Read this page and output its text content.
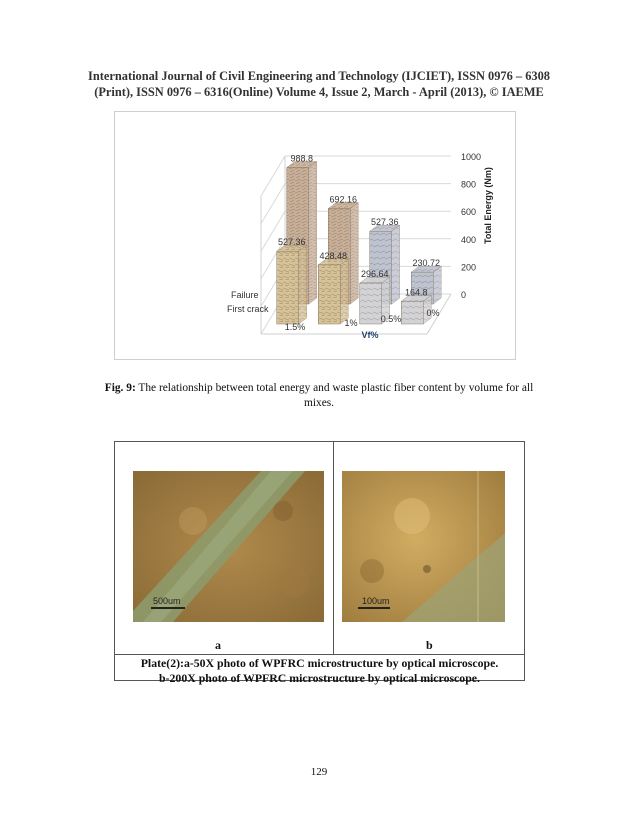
International Journal of Civil Engineering and Technology (IJCIET), ISSN 0976 – 6308
(Print), ISSN 0976 – 6316(Online) Volume 4, Issue 2, March - April (2013), © IAEME
0
200
400
600
800
1000
Total Energy (Nm)
988.8
692.16
527.36
230.72
527.36
428.48
296.64
164.8
1.5%	1%	0.5%
0%
Vf%
Failure
First crack
Fig. 9: The relationship between total energy and waste plastic fiber content by volume for all mixes.
500um	100um
a	b
Plate(2):a-50X photo of WPFRC microstructure by optical microscope.
b-200X photo of WPFRC microstructure by optical microscope.
129
